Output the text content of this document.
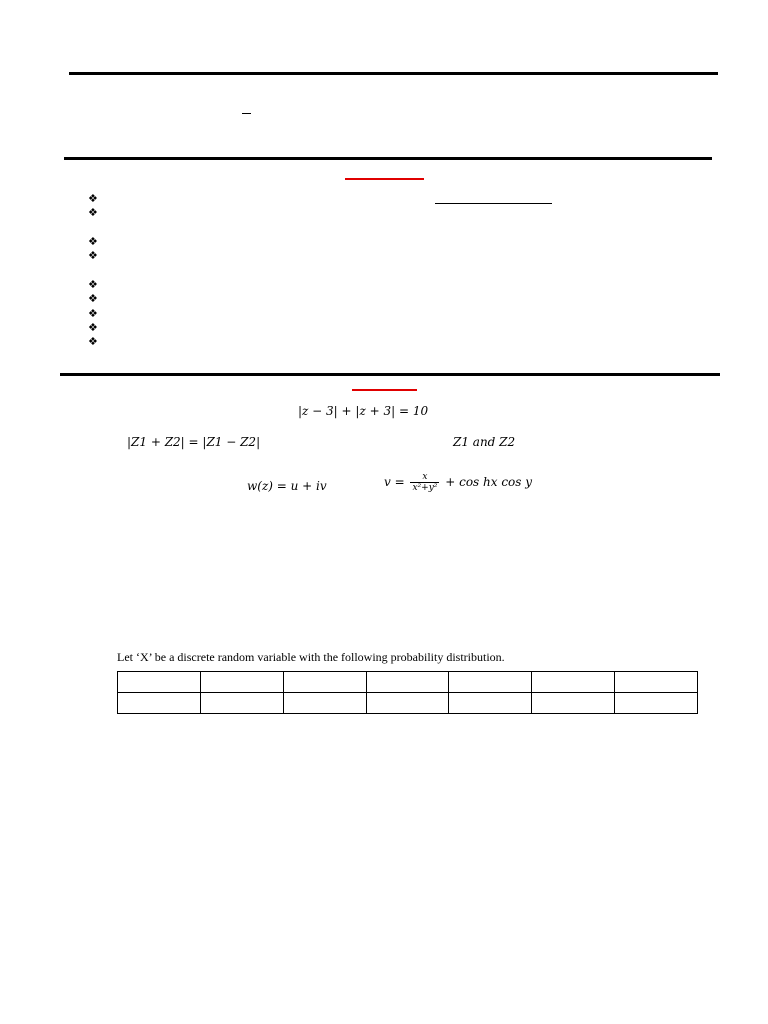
❖
❖
❖
❖
❖
❖
❖
❖
❖
|z − 3| + |z + 3| = 10
|Z1 + Z2| = |Z1 − Z2|	Z1 and Z2
w(z) = u + iv	$v = \frac{x}{\text{x²+y²}} + \cos$ hx cos y
Let ‘X’ be a discrete random variable with the following probability distribution.
